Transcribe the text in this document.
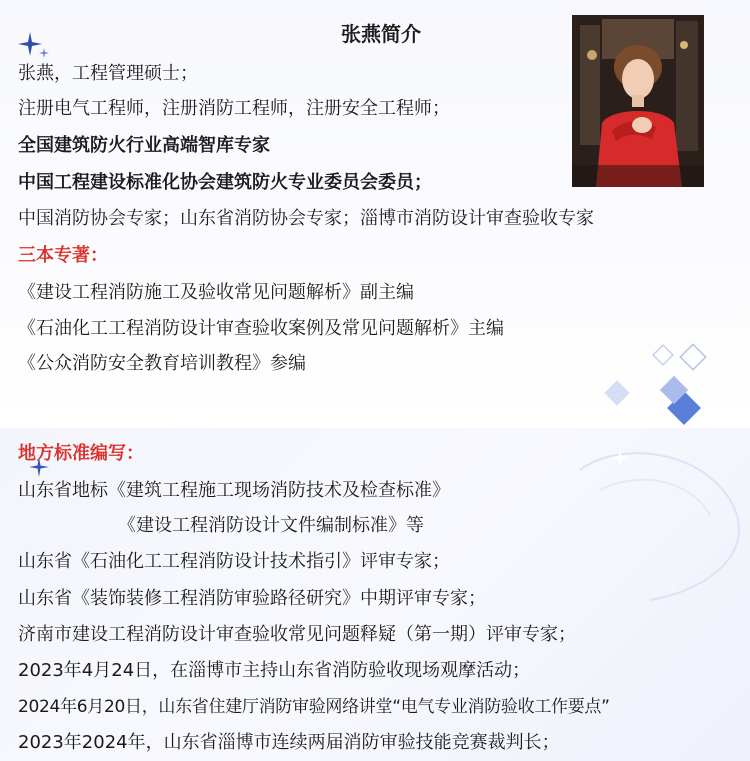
张燕简介
张燕，工程管理硕士；
注册电气工程师，注册消防工程师，注册安全工程师；
全国建筑防火行业高端智库专家
中国工程建设标准化协会建筑防火专业委员会委员；
中国消防协会专家；山东省消防协会专家；淄博市消防设计审查验收专家
三本专著：
《建设工程消防施工及验收常见问题解析》副主编
《石油化工工程消防设计审查验收案例及常见问题解析》主编
《公众消防安全教育培训教程》参编
地方标准编写：
山东省地标《建筑工程施工现场消防技术及检查标准》
《建设工程消防设计文件编制标准》等
山东省《石油化工工程消防设计技术指引》评审专家；
山东省《装饰装修工程消防审验路径研究》中期评审专家；
济南市建设工程消防设计审查验收常见问题释疑（第一期）评审专家；
2023年4月24日，在淄博市主持山东省消防验收现场观摩活动；
2024年6月20日，山东省住建厅消防审验网络讲堂“电气专业消防验收工作要点”
2023年2024年，山东省淄博市连续两届消防审验技能竞赛裁判长；
